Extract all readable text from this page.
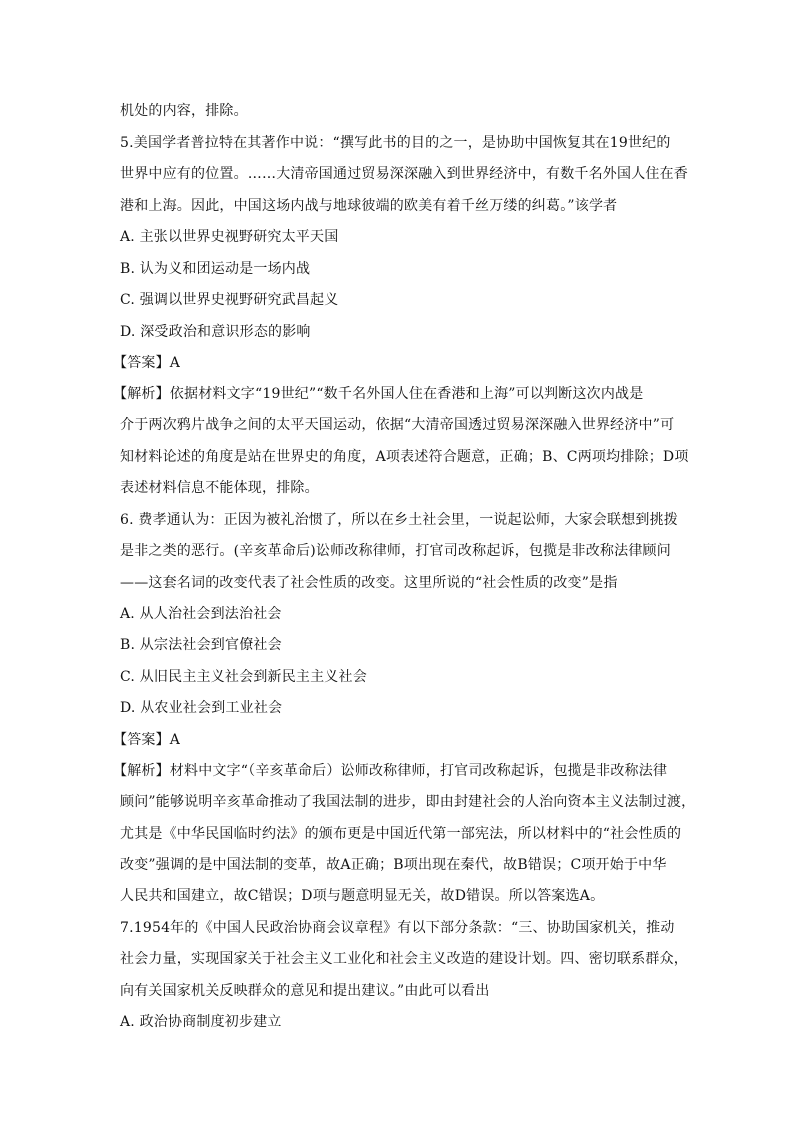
机处的内容，排除。
5.美国学者普拉特在其著作中说：“撰写此书的目的之一，是协助中国恢复其在19世纪的
世界中应有的位置。……大清帝国通过贸易深深融入到世界经济中，有数千名外国人住在香
港和上海。因此，中国这场内战与地球彼端的欧美有着千丝万缕的纠葛。”该学者
A. 主张以世界史视野研究太平天国
B. 认为义和团运动是一场内战
C. 强调以世界史视野研究武昌起义
D. 深受政治和意识形态的影响
【答案】A
【解析】依据材料文字“19世纪”“数千名外国人住在香港和上海”可以判断这次内战是
介于两次鸦片战争之间的太平天国运动，依据“大清帝国透过贸易深深融入世界经济中”可
知材料论述的角度是站在世界史的角度，A项表述符合题意，正确；B、C两项均排除；D项
表述材料信息不能体现，排除。
6. 费孝通认为：正因为被礼治惯了，所以在乡土社会里，一说起讼师，大家会联想到挑拨
是非之类的恶行。(辛亥革命后)讼师改称律师，打官司改称起诉，包揽是非改称法律顾问
——这套名词的改变代表了社会性质的改变。这里所说的“社会性质的改变”是指
A. 从人治社会到法治社会
B. 从宗法社会到官僚社会
C. 从旧民主主义社会到新民主主义社会
D. 从农业社会到工业社会
【答案】A
【解析】材料中文字“（辛亥革命后）讼师改称律师，打官司改称起诉，包揽是非改称法律
顾问”能够说明辛亥革命推动了我国法制的进步，即由封建社会的人治向资本主义法制过渡，
尤其是《中华民国临时约法》的颁布更是中国近代第一部宪法，所以材料中的“社会性质的
改变”强调的是中国法制的变革，故A正确；B项出现在秦代，故B错误；C项开始于中华
人民共和国建立，故C错误；D项与题意明显无关，故D错误。所以答案选A。
7.1954年的《中国人民政治协商会议章程》有以下部分条款：“三、协助国家机关，推动
社会力量，实现国家关于社会主义工业化和社会主义改造的建设计划。四、密切联系群众，
向有关国家机关反映群众的意见和提出建议。”由此可以看出
A. 政治协商制度初步建立
